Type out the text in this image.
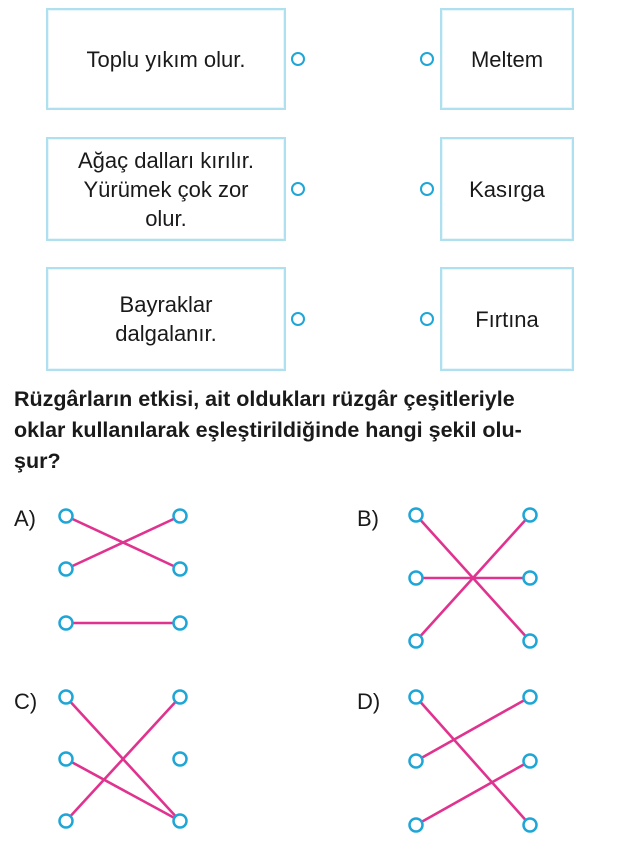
Toplu yıkım olur.
Ağaç dalları kırılır.
Yürümek çok zor
olur.
Bayraklar
dalgalanır.
Meltem
Kasırga
Fırtına
Rüzgârların etkisi, ait oldukları rüzgâr çeşitleriyle
oklar kullanılarak eşleştirildiğinde hangi şekil olu-
şur?
A)	B)
C)	D)
